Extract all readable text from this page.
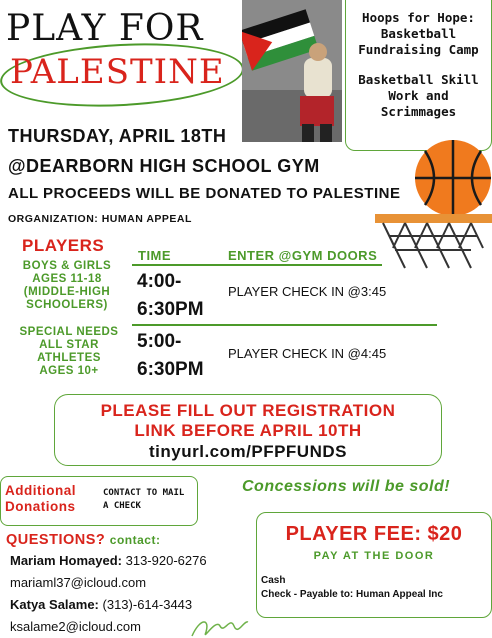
PLAY FOR
PALESTINE
Hoops for Hope:
Basketball
Fundraising Camp
Basketball Skill
Work and
Scrimmages
THURSDAY, APRIL 18TH
@DEARBORN HIGH SCHOOL GYM
ALL PROCEEDS WILL BE DONATED TO PALESTINE
ORGANIZATION: HUMAN APPEAL
PLAYERS
BOYS & GIRLS
AGES 11-18
(MIDDLE-HIGH
SCHOOLERS)
SPECIAL NEEDS
ALL STAR
ATHLETES
AGES 10+
TIME	ENTER @GYM DOORS
4:00-
6:30PM
PLAYER CHECK IN @3:45
5:00-
6:30PM
PLAYER CHECK IN @4:45
PLEASE FILL OUT REGISTRATION
LINK BEFORE APRIL 10TH
tinyurl.com/PFPFUNDS
Additional
Donations
CONTACT TO MAIL
A CHECK
Concessions will be sold!
QUESTIONS? contact:
Mariam Homayed: 313-920-6276
mariaml37@icloud.com
Katya Salame: (313)-614-3443
ksalame2@icloud.com
PLAYER FEE: $20
PAY AT THE DOOR
Cash
Check - Payable to: Human Appeal Inc
